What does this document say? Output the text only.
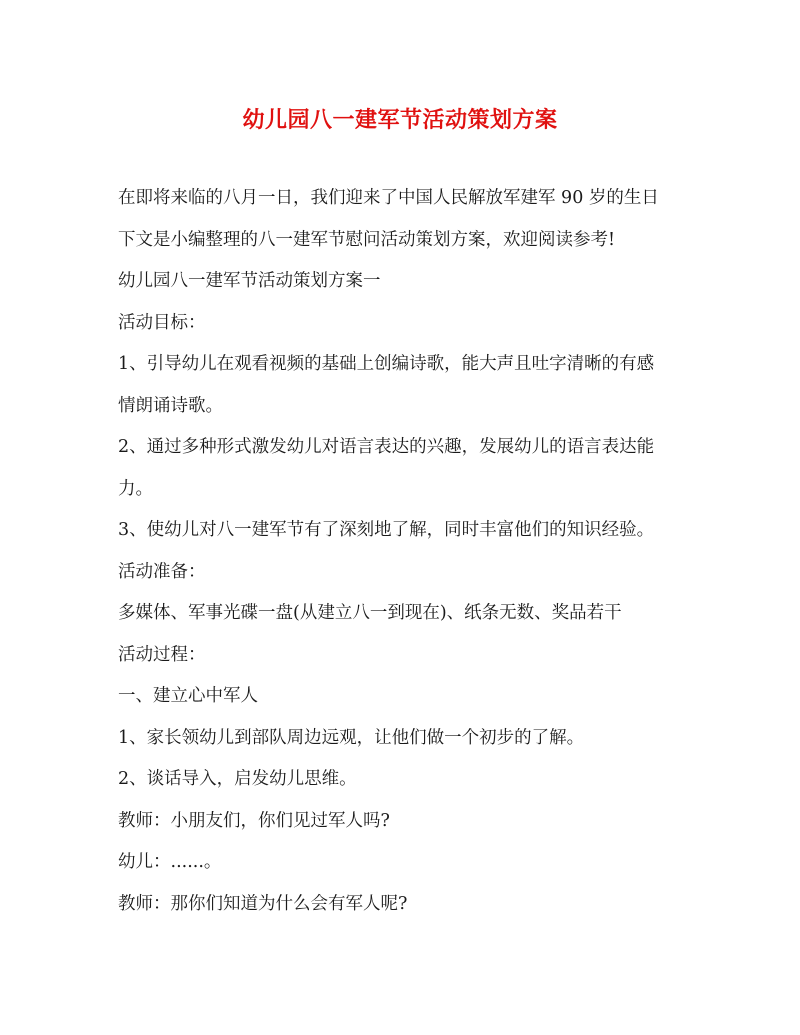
幼儿园八一建军节活动策划方案
在即将来临的八月一日，我们迎来了中国人民解放军建军 90 岁的生日
下文是小编整理的八一建军节慰问活动策划方案，欢迎阅读参考!
幼儿园八一建军节活动策划方案一
活动目标：
1、引导幼儿在观看视频的基础上创编诗歌，能大声且吐字清晰的有感
情朗诵诗歌。
2、通过多种形式激发幼儿对语言表达的兴趣，发展幼儿的语言表达能
力。
3、使幼儿对八一建军节有了深刻地了解，同时丰富他们的知识经验。
活动准备：
多媒体、军事光碟一盘(从建立八一到现在)、纸条无数、奖品若干
活动过程：
一、建立心中军人
1、家长领幼儿到部队周边远观，让他们做一个初步的了解。
2、谈话导入，启发幼儿思维。
教师：小朋友们，你们见过军人吗?
幼儿：......。
教师：那你们知道为什么会有军人呢?
